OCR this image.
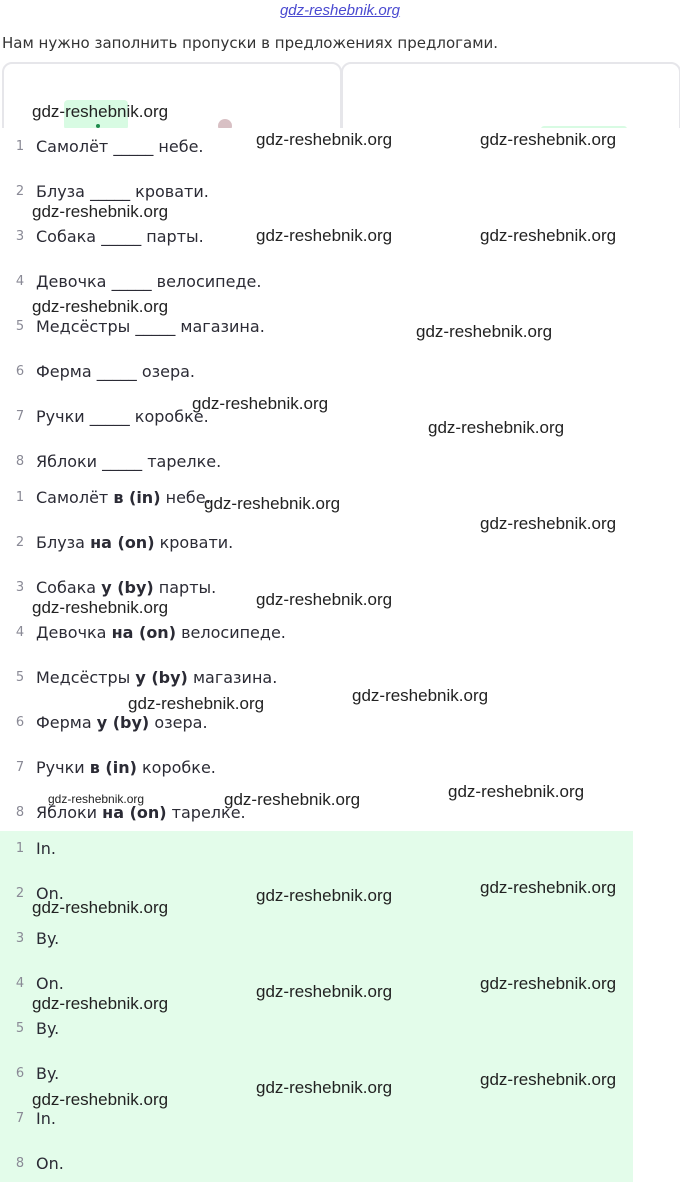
gdz-reshebnik.org
Нам нужно заполнить пропуски в предложениях предлогами.
1 Самолёт _____ небе.
2 Блуза _____ кровати.
3 Собака _____ парты.
4 Девочка _____ велосипеде.
5 Медсёстры _____ магазина.
6 Ферма _____ озера.
7 Ручки _____ коробке.
8 Яблоки _____ тарелке.
1 Самолёт в (in) небе.
2 Блуза на (on) кровати.
3 Собака у (by) парты.
4 Девочка на (on) велосипеде.
5 Медсёстры у (by) магазина.
6 Ферма у (by) озера.
7 Ручки в (in) коробке.
8 Яблоки на (on) тарелке.
1 In.
2 On.
3 By.
4 On.
5 By.
6 By.
7 In.
8 On.
gdz-reshebnik.org
gdz-reshebnik.org	gdz-reshebnik.org
gdz-reshebnik.org
gdz-reshebnik.org	gdz-reshebnik.org
gdz-reshebnik.org
gdz-reshebnik.org
gdz-reshebnik.org
gdz-reshebnik.org
gdz-reshebnik.org
gdz-reshebnik.org
gdz-reshebnik.org
gdz-reshebnik.org
gdz-reshebnik.org
gdz-reshebnik.org
gdz-reshebnik.org	gdz-reshebnik.org
gdz-reshebnik.org
gdz-reshebnik.org
gdz-reshebnik.org
gdz-reshebnik.org
gdz-reshebnik.org
gdz-reshebnik.org
gdz-reshebnik.org
gdz-reshebnik.org
gdz-reshebnik.org
gdz-reshebnik.org
